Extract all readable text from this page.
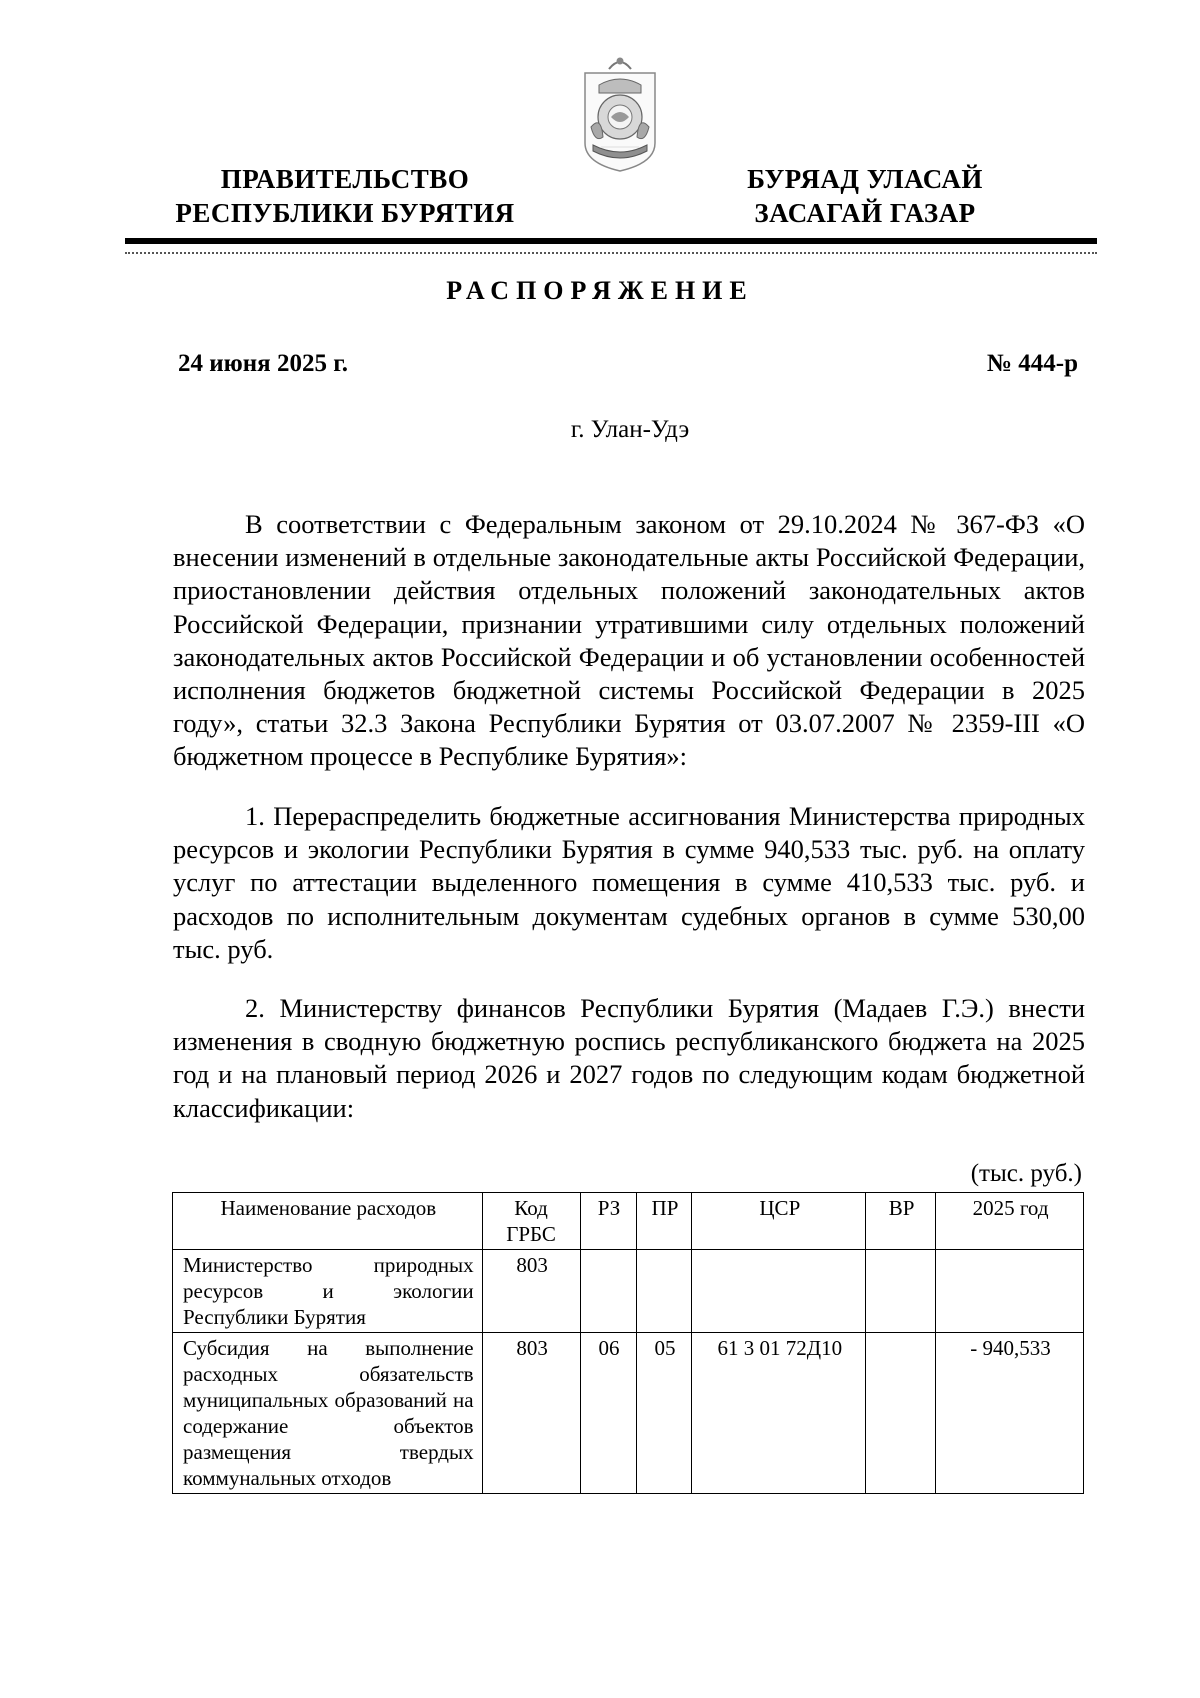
ПРАВИТЕЛЬСТВО
РЕСПУБЛИКИ БУРЯТИЯ
БУРЯАД УЛАСАЙ
ЗАСАГАЙ ГАЗАР
РАСПОРЯЖЕНИЕ
24 июня 2025 г.	№ 444-р
г. Улан-Удэ
В соответствии с Федеральным законом от 29.10.2024 № 367-ФЗ «О внесении изменений в отдельные законодательные акты Российской Федерации, приостановлении действия отдельных положений законодательных актов Российской Федерации, признании утратившими силу отдельных положений законодательных актов Российской Федерации и об установлении особенностей исполнения бюджетов бюджетной системы Российской Федерации в 2025 году», статьи 32.3 Закона Республики Бурятия от 03.07.2007 № 2359-III «О бюджетном процессе в Республике Бурятия»:
1. Перераспределить бюджетные ассигнования Министерства природных ресурсов и экологии Республики Бурятия в сумме 940,533 тыс. руб. на оплату услуг по аттестации выделенного помещения в сумме 410,533 тыс. руб. и расходов по исполнительным документам судебных органов в сумме 530,00 тыс. руб.
2. Министерству финансов Республики Бурятия (Мадаев Г.Э.) внести изменения в сводную бюджетную роспись республиканского бюджета на 2025 год и на плановый период 2026 и 2027 годов по следующим кодам бюджетной классификации:
(тыс. руб.)
Наименование расходов	Код ГРБС	РЗ	ПР	ЦСР	ВР	2025 год
Министерство природных ресурсов и экологии Республики Бурятия	803					
Субсидия на выполнение расходных обязательств муниципальных образований на содержание объектов размещения твердых коммунальных отходов	803	06	05	61 3 01 72Д10		- 940,533
